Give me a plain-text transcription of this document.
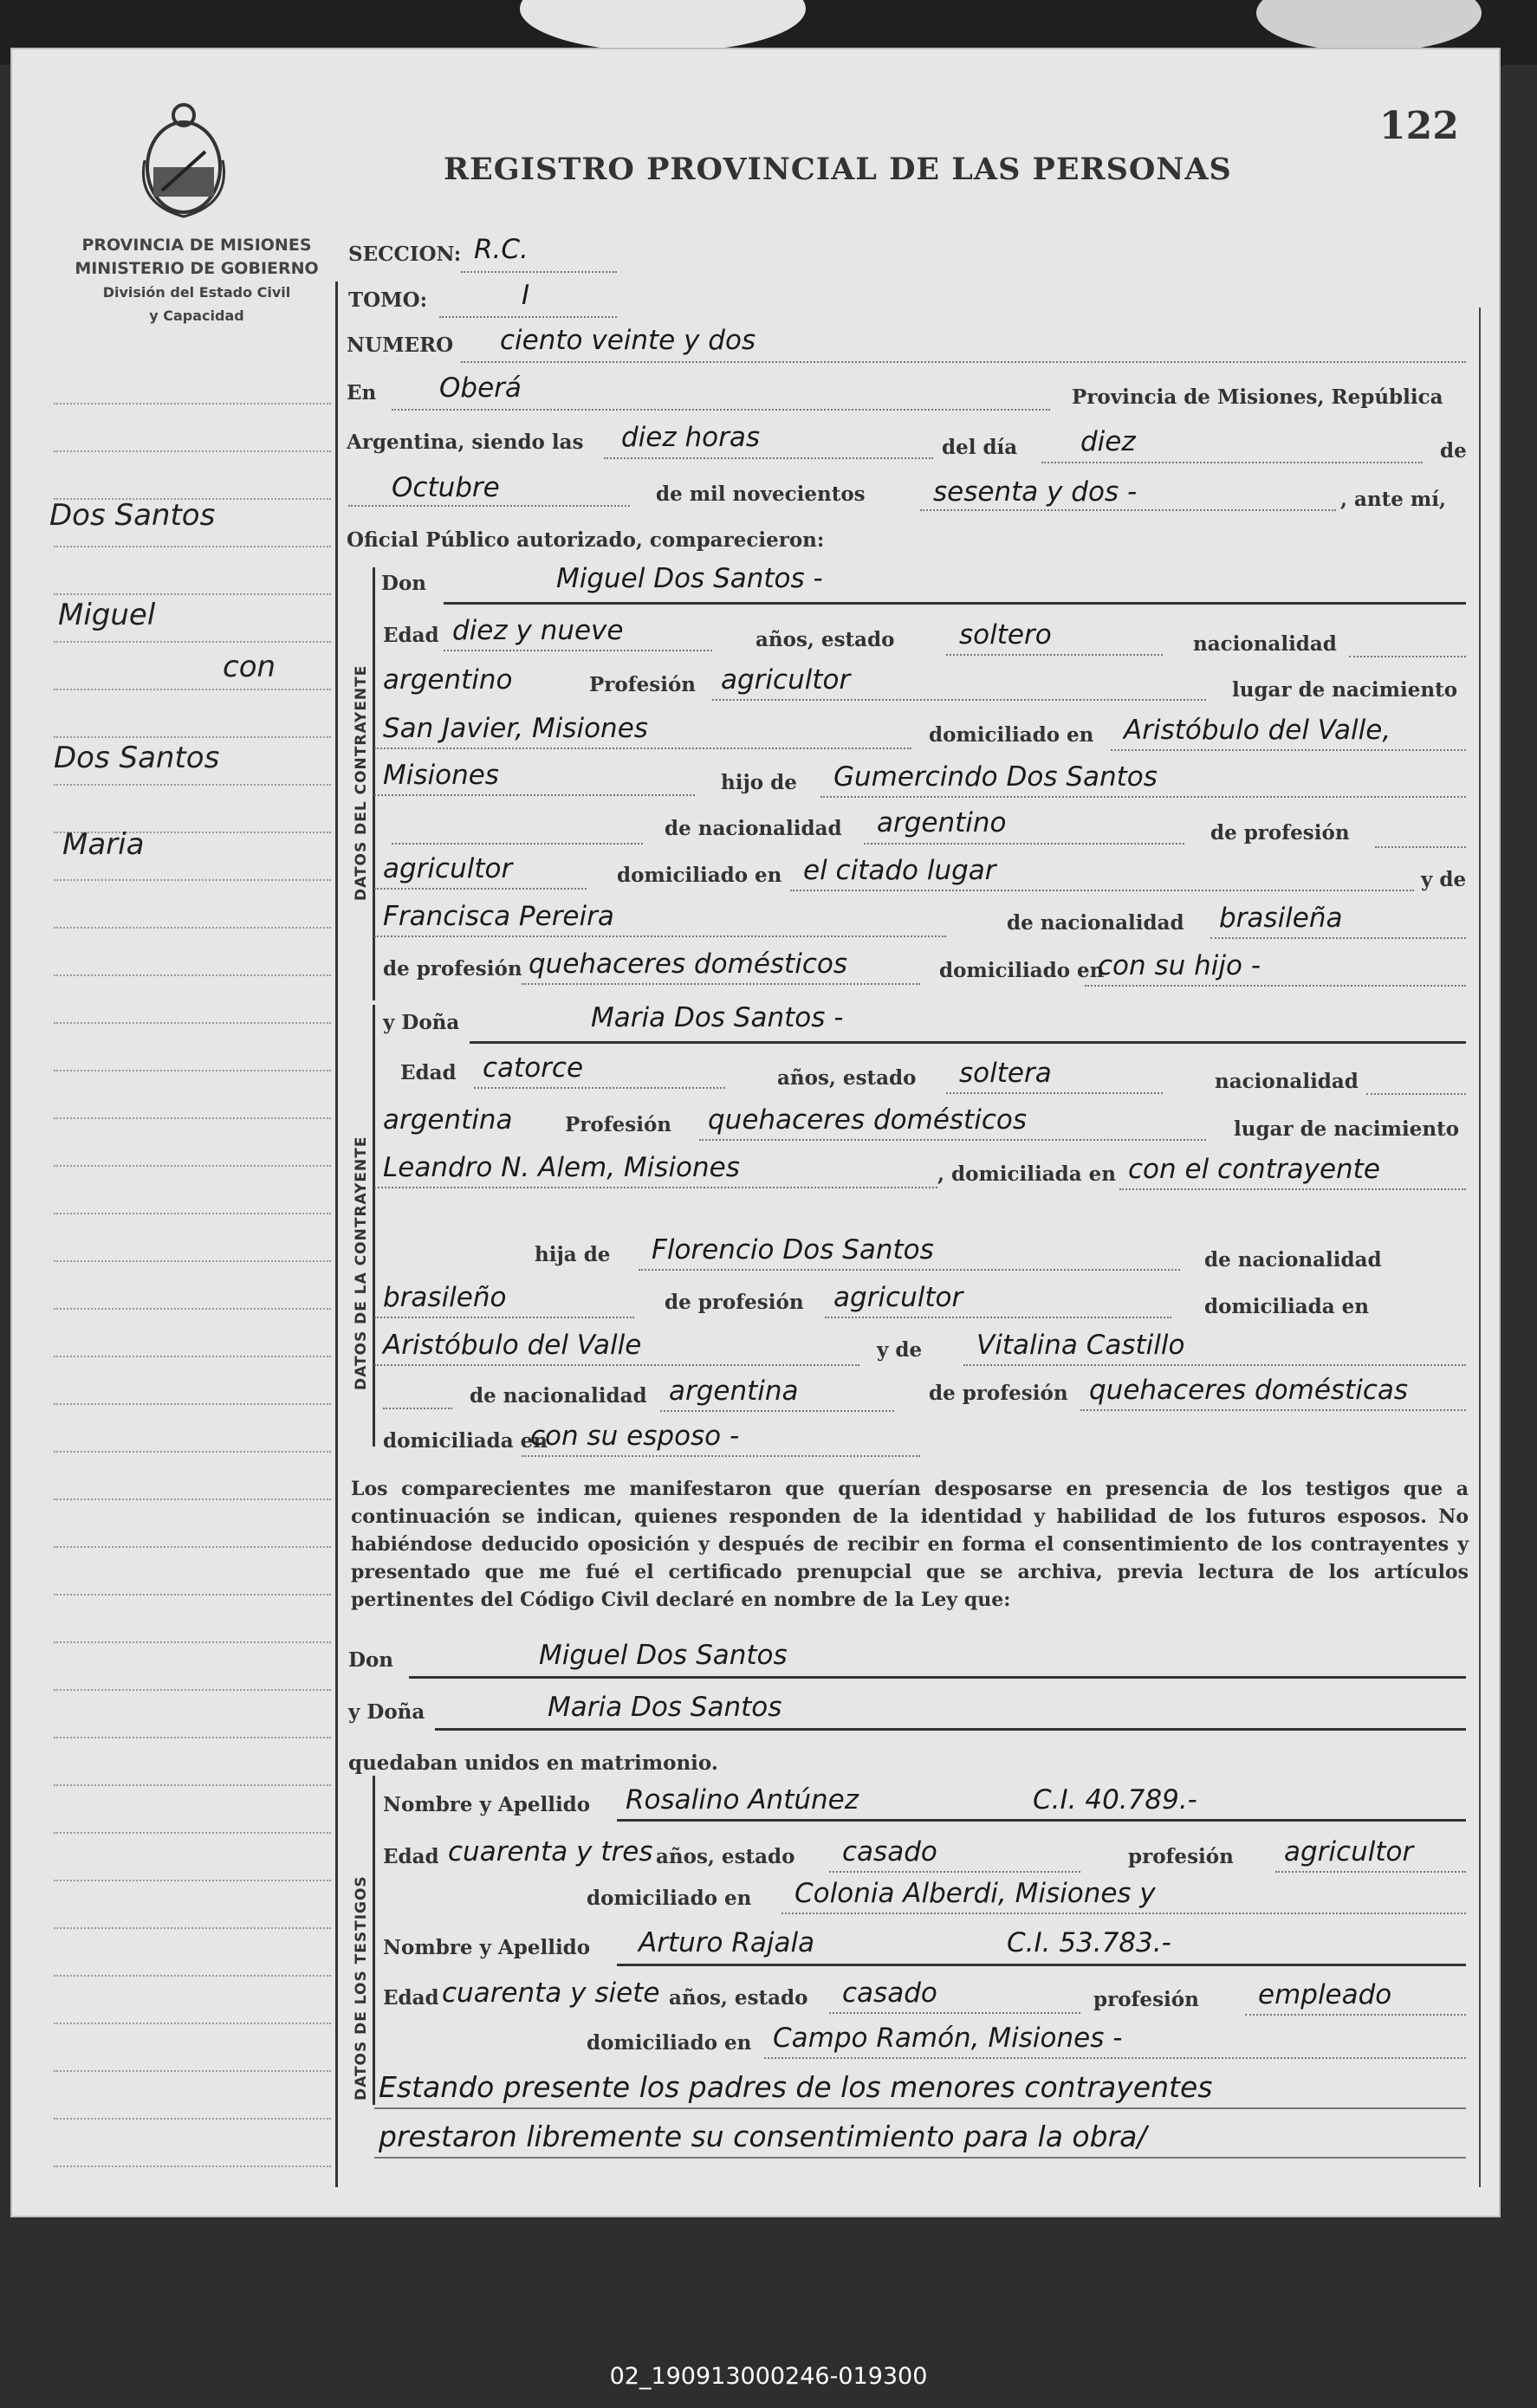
PROVINCIA DE MISIONES
MINISTERIO DE GOBIERNO
División del Estado Civil
y Capacidad
122
REGISTRO PROVINCIAL DE LAS PERSONAS
Dos Santos
Miguel
con
Dos Santos
Maria
SECCION: R.C.
TOMO:	I
NUMERO ciento veinte y dos
En Oberá	Provincia de Misiones, República
Argentina, siendo las diez horas	del día diez	de
Octubre	de mil novecientos	sesenta y dos -	, ante mí,
Oficial Público autorizado, comparecieron:
DATOS DEL CONTRAYENTE
Don	Miguel Dos Santos -
Edad diez y nueve	años, estado soltero	nacionalidad
argentino	Profesión agricultor	lugar de nacimiento
San Javier, Misiones	domiciliado en Aristóbulo del Valle,
Misiones	hijo de Gumercindo Dos Santos
de nacionalidad argentino	de profesión
agricultor	domiciliado en el citado lugar	y de
Francisca Pereira	de nacionalidad brasileña
de profesión quehaceres domésticos	domiciliado en
con su hijo -
DATOS DE LA CONTRAYENTE
y Doña	Maria Dos Santos -
Edad catorce	años, estado soltera	nacionalidad
argentina	Profesión quehaceres domésticos	lugar de nacimiento
Leandro N. Alem, Misiones	, domiciliada en con el contrayente
hija de Florencio Dos Santos	de nacionalidad
brasileño	de profesión agricultor	domiciliada en
Aristóbulo del Valle	y de Vitalina Castillo
de nacionalidad argentina	de profesión quehaceres domésticas
domiciliada en
con su esposo -
Los comparecientes me manifestaron que querían desposarse en presencia de los testigos que a continuación se indican, quienes responden de la identidad y habilidad de los futuros esposos. No habiéndose deducido oposición y después de recibir en forma el consentimiento de los contrayentes y presentado que me fué el certificado prenupcial que se archiva, previa lectura de los artículos pertinentes del Código Civil declaré en nombre de la Ley que:
Don	Miguel Dos Santos
y Doña	Maria Dos Santos
quedaban unidos en matrimonio.
DATOS DE LOS TESTIGOS
Nombre y Apellido Rosalino Antúnez	C.I. 40.789.-
Edad cuarenta y tres años, estado casado	profesión agricultor
domiciliado en Colonia Alberdi, Misiones y
Nombre y Apellido Arturo Rajala	C.I. 53.783.-
Edad cuarenta y siete años, estado casado	profesión empleado
domiciliado en Campo Ramón, Misiones -
Estando presente los padres de los menores contrayentes
prestaron libremente su consentimiento para la obra/
02_190913000246-019300
